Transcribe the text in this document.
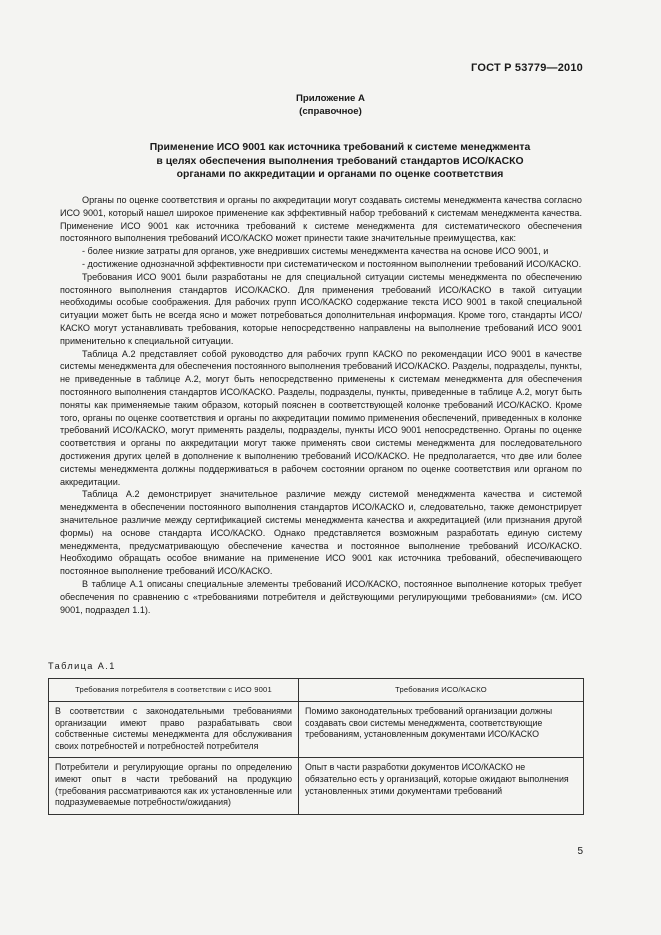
ГОСТ Р 53779—2010
Приложение А
(справочное)
Применение ИСО 9001 как источника требований к системе менеджмента
в целях обеспечения выполнения требований стандартов ИСО/КАСКО
органами по аккредитации и органами по оценке соответствия

Органы по оценке соответствия и органы по аккредитации могут создавать системы менеджмента качества согласно ИСО 9001, который нашел широкое применение как эффективный набор требований к системам менеджмента качества. Применение ИСО 9001 как источника требований к системе менеджмента для систематического обеспечения постоянного выполнения требований ИСО/КАСКО может принести такие значительные преимущества, как:

- более низкие затраты для органов, уже внедривших системы менеджмента качества на основе ИСО 9001, и

- достижение однозначной эффективности при систематическом и постоянном выполнении требований ИСО/КАСКО.

Требования ИСО 9001 были разработаны не для специальной ситуации системы менеджмента по обеспечению постоянного выполнения стандартов ИСО/КАСКО. Для применения требований ИСО/КАСКО в такой ситуации необходимы особые соображения. Для рабочих групп ИСО/КАСКО содержание текста ИСО 9001 в такой специальной ситуации может быть не всегда ясно и может потребоваться дополнительная информация. Кроме того, стандарты ИСО/КАСКО могут устанавливать требования, которые непосредственно направлены на выполнение требований ИСО 9001 применительно к специальной ситуации.

Таблица А.2 представляет собой руководство для рабочих групп КАСКО по рекомендации ИСО 9001 в качестве системы менеджмента для обеспечения постоянного выполнения требований ИСО/КАСКО. Разделы, подразделы, пункты, не приведенные в таблице А.2, могут быть непосредственно применены к системам менеджмента для обеспечения постоянного выполнения стандартов ИСО/КАСКО. Разделы, подразделы, пункты, приведенные в таблице А.2, могут быть поняты как применяемые таким образом, который пояснен в соответствующей колонке требований ИСО/КАСКО. Кроме того, органы по оценке соответствия и органы по аккредитации помимо применения обеспечений, приведенных в колонке требований ИСО/КАСКО, могут применять разделы, подразделы, пункты ИСО 9001 непосредственно. Органы по оценке соответствия и органы по аккредитации могут также применять свои системы менеджмента для последовательного достижения других целей в дополнение к выполнению требований ИСО/КАСКО. Не предполагается, что две или более системы менеджмента должны поддерживаться в рабочем состоянии органом по оценке соответствия или органом по аккредитации.

Таблица А.2 демонстрирует значительное различие между системой менеджмента качества и системой менеджмента в обеспечении постоянного выполнения стандартов ИСО/КАСКО и, следовательно, также демонстрирует значительное различие между сертификацией системы менеджмента качества и аккредитацией (или признания другой формы) на основе стандарта ИСО/КАСКО. Однако представляется возможным разработать единую систему менеджмента, предусматривающую обеспечение качества и постоянное выполнение требований ИСО/КАСКО. Необходимо обращать особое внимание на применение ИСО 9001 как источника требований, обеспечивающего постоянное выполнение требований ИСО/КАСКО.

В таблице А.1 описаны специальные элементы требований ИСО/КАСКО, постоянное выполнение которых требует обеспечения по сравнению с «требованиями потребителя и действующими регулирующими требованиями» (см. ИСО 9001, подраздел 1.1).

Таблица А.1
Требования потребителя в соответствии с ИСО 9001	Требования ИСО/КАСКО
В соответствии с законодательными требованиями организации имеют право разрабатывать свои собственные системы менеджмента для обслуживания своих потребностей и потребностей потребителя	Помимо законодательных требований организации должны создавать свои системы менеджмента, соответствующие требованиям, установленным документами ИСО/КАСКО
Потребители и регулирующие органы по определению имеют опыт в части требований на продукцию (требования рассматриваются как их установленные или подразумеваемые потребности/ожидания)	Опыт в части разработки документов ИСО/КАСКО не обязательно есть у организаций, которые ожидают выполнения установленных этими документами требований
5
